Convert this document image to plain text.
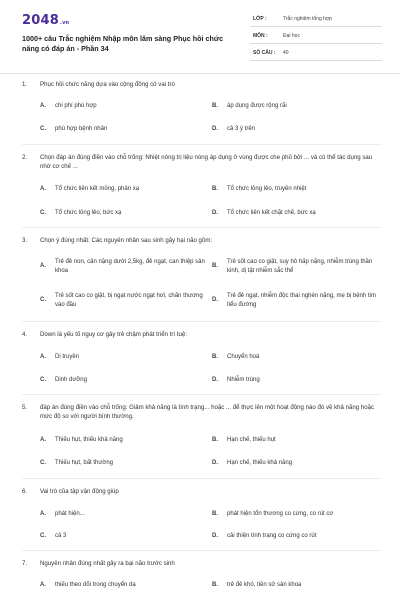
2048.vn
1000+ câu Trắc nghiệm Nhập môn lâm sàng Phục hồi chức năng có đáp án - Phần 34
LỚP :	Trắc nghiệm tổng hợp
MÔN :	Đại học
SỐ CÂU : 40
1. Phục hồi chức năng dựa vào cộng đồng có vai trò
A.	chi phí phù hợp	B.	áp dụng được rộng rãi
C.	phù hợp bệnh nhân	D.	cả 3 ý trên
2. Chọn đáp án đúng điền vào chỗ trống: Nhiệt nóng trị liệu nóng áp dụng ở vùng được che phủ bởi ... và có thể tác dụng sau nhờ cơ chế ...
A.	Tổ chức liên kết mỏng, phản xạ	B.	Tổ chức lỏng lẻo, truyền nhiệt
C.	Tổ chức lỏng lẻo, bức xạ	D.	Tổ chức liên kết chặt chẽ, bức xạ
3. Chọn ý đúng nhất: Các nguyên nhân sau sinh gây hại não gồm:
A.
Trẻ đẻ non, cân nặng dưới 2,5kg, đẻ ngạt, can thiệp sản khoa
B.
Trẻ sốt cao co giật, suy hô hấp nặng, nhiễm trùng thần kinh, dị tật nhiễm sắc thể
C.
Trẻ sốt cao co giật, bị ngạt nước ngạt hơi, chấn thương vào đầu
D.
Trẻ đẻ ngạt, nhiễm độc thai nghén nặng, mẹ bị bệnh tim tiểu đường
4. Down là yếu tố nguy cơ gây trẻ chậm phát triển trí tuệ:
A.	Di truyền	B.	Chuyển hoá
C.	Dinh dưỡng	D.	Nhiễm trùng
5. đáp án đúng điền vào chỗ trống: Giảm khả năng là tình trạng... hoặc ... để thực lên một hoạt động nào đó về khả năng hoặc mức độ so với người bình thường.
A.	Thiếu hụt, thiếu khả năng	B.	Hạn chế, thiếu hụt
C.	Thiếu hụt, bất thường	D.	Hạn chế, thiếu khả năng
6. Vai trò của tập vận động giúp
A.	phát hiện...	B.	phát hiện tổn thương co cứng, co rút cơ
C.	cả 3	D.	cải thiện tình trạng co cứng co rút
7. Nguyên nhân đúng nhất gây ra bại não trước sinh
A.	thiếu theo dõi trong chuyển dạ	B.	trẻ đẻ khó, tiền sử sản khoa
